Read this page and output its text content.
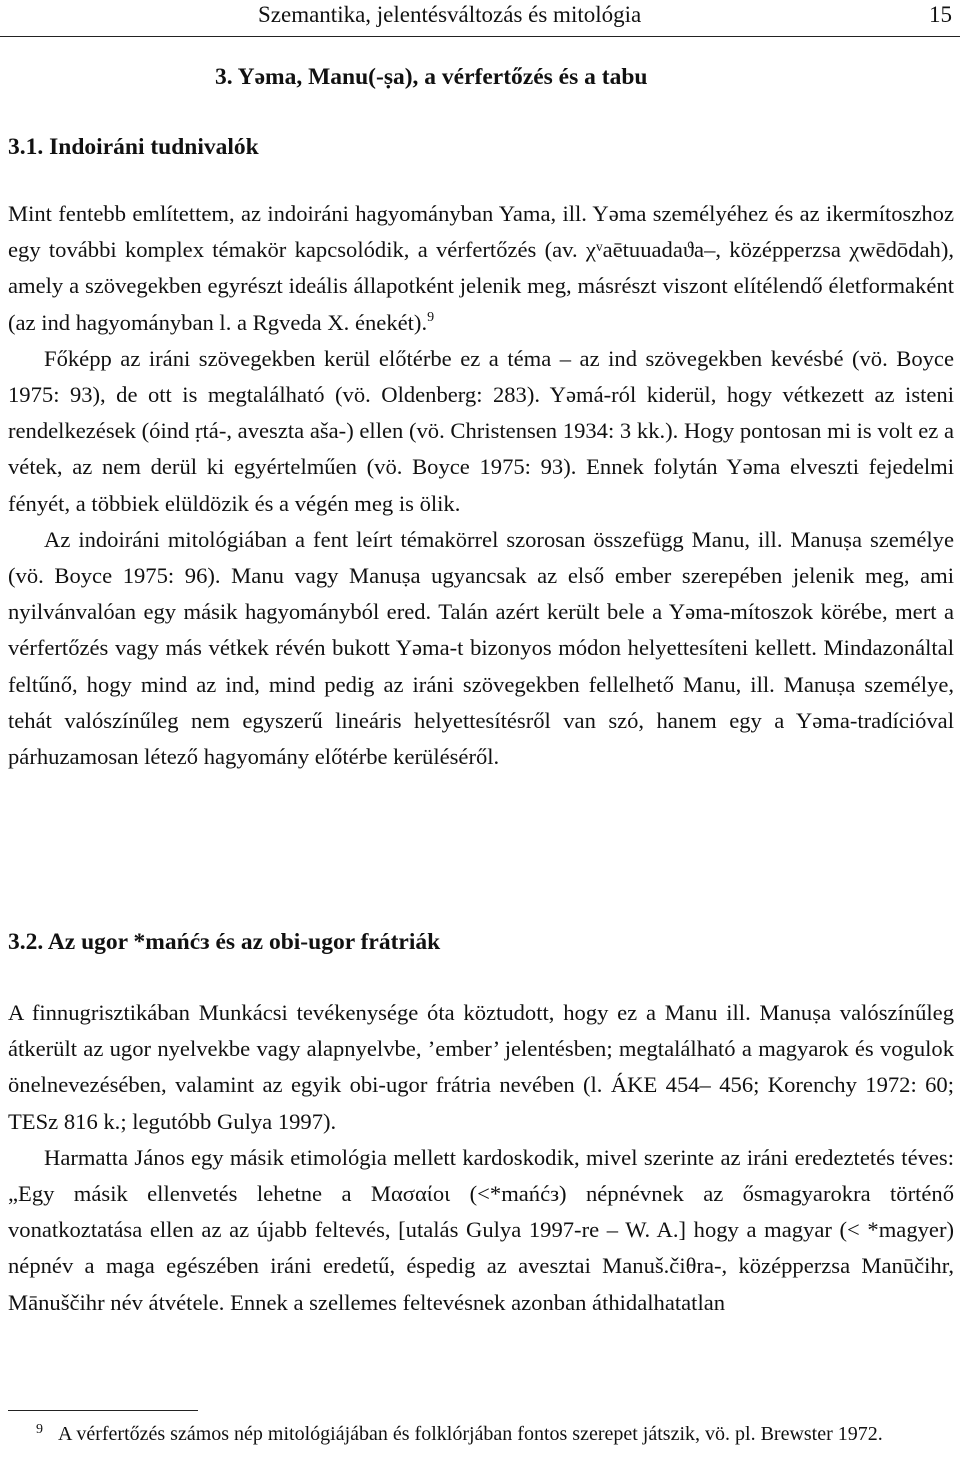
Szemantika, jelentésváltozás és mitológia	15
3. Yəma, Manu(-ṣa), a vérfertőzés és a tabu
3.1. Indoiráni tudnivalók

Mint fentebb említettem, az indoiráni hagyományban Yama, ill. Yəma személyéhez és az ikermítoszhoz egy további komplex témakör kapcsolódik, a vérfertőzés (av. χᵛaētuuadaϑa–, középperzsa χwēdōdah), amely a szövegekben egyrészt ideális állapotként jelenik meg, másrészt viszont elítélendő életformaként (az ind hagyományban l. a Rgveda X. énekét).$^9$

Főképp az iráni szövegekben kerül előtérbe ez a téma – az ind szövegekben kevésbé (vö. Boyce 1975: 93), de ott is megtalálható (vö. Oldenberg: 283). Yəmá-ról kiderül, hogy vétkezett az isteni rendelkezések (óind ṛtá-, aveszta aša-) ellen (vö. Christensen 1934: 3 kk.). Hogy pontosan mi is volt ez a vétek, az nem derül ki egyértelműen (vö. Boyce 1975: 93). Ennek folytán Yəma elveszti fejedelmi fényét, a többiek elüldözik és a végén meg is ölik.

Az indoiráni mitológiában a fent leírt témakörrel szorosan összefügg Manu, ill. Manuṣa személye (vö. Boyce 1975: 96). Manu vagy Manuṣa ugyancsak az első ember szerepében jelenik meg, ami nyilvánvalóan egy másik hagyományból ered. Talán azért került bele a Yəma-mítoszok körébe, mert a vérfertőzés vagy más vétkek révén bukott Yəma-t bizonyos módon helyettesíteni kellett. Mindazonáltal feltűnő, hogy mind az ind, mind pedig az iráni szövegekben fellelhető Manu, ill. Manuṣa személye, tehát valószínűleg nem egyszerű lineáris helyettesítésről van szó, hanem egy a Yəma-tradícióval párhuzamosan létező hagyomány előtérbe kerüléséről.

3.2. Az ugor *mańćз és az obi-ugor frátriák

A finnugrisztikában Munkácsi tevékenysége óta köztudott, hogy ez a Manu ill. Manuṣa valószínűleg átkerült az ugor nyelvekbe vagy alapnyelvbe, ’ember’ jelentésben; megtalálható a magyarok és vogulok önelnevezésében, valamint az egyik obi-ugor frátria nevében (l. ÁKE 454– 456; Korenchy 1972: 60; TESz 816 k.; legutóbb Gulya 1997).

Harmatta János egy másik etimológia mellett kardoskodik, mivel szerinte az iráni eredeztetés téves: „Egy másik ellenvetés lehetne a Μασαίοι (<*mańćз) népnévnek az ősmagyarokra történő vonatkoztatása ellen az az újabb feltevés, [utalás Gulya 1997-re – W. A.] hogy a magyar (< *magyer) népnév a maga egészében iráni eredetű, éspedig az avesztai Manuš.čiθra-, középperzsa Manūčihr, Mānuščihr név átvétele. Ennek a szellemes feltevésnek azonban áthidalhatatlan

$^9$ A vérfertőzés számos nép mitológiájában és folklórjában fontos szerepet játszik, vö. pl. Brewster 1972.
